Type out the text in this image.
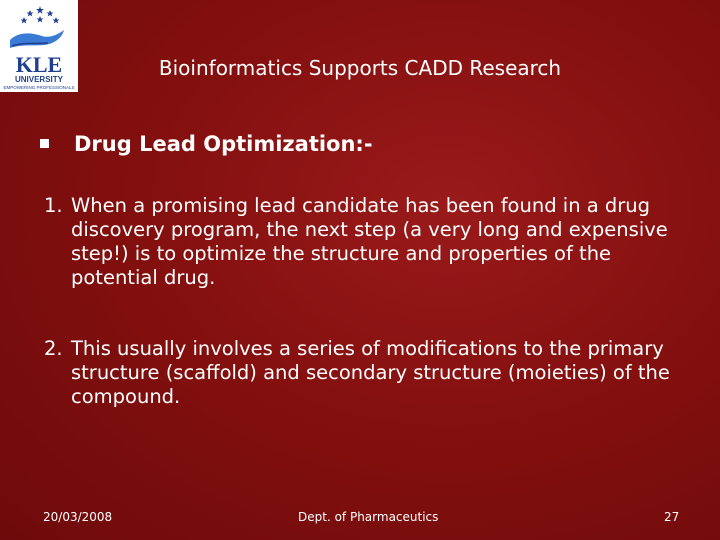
KLE
UNIVERSITY
EMPOWERING PROFESSIONALS
Bioinformatics Supports CADD Research
Drug Lead Optimization:-
1. When a promising lead candidate has been found in a drug discovery program, the next step (a very long and expensive step!) is to optimize the structure and properties of the potential drug.
2. This usually involves a series of modifications to the primary structure (scaffold) and secondary structure (moieties) of the compound.
20/03/2008	Dept. of Pharmaceutics	27
